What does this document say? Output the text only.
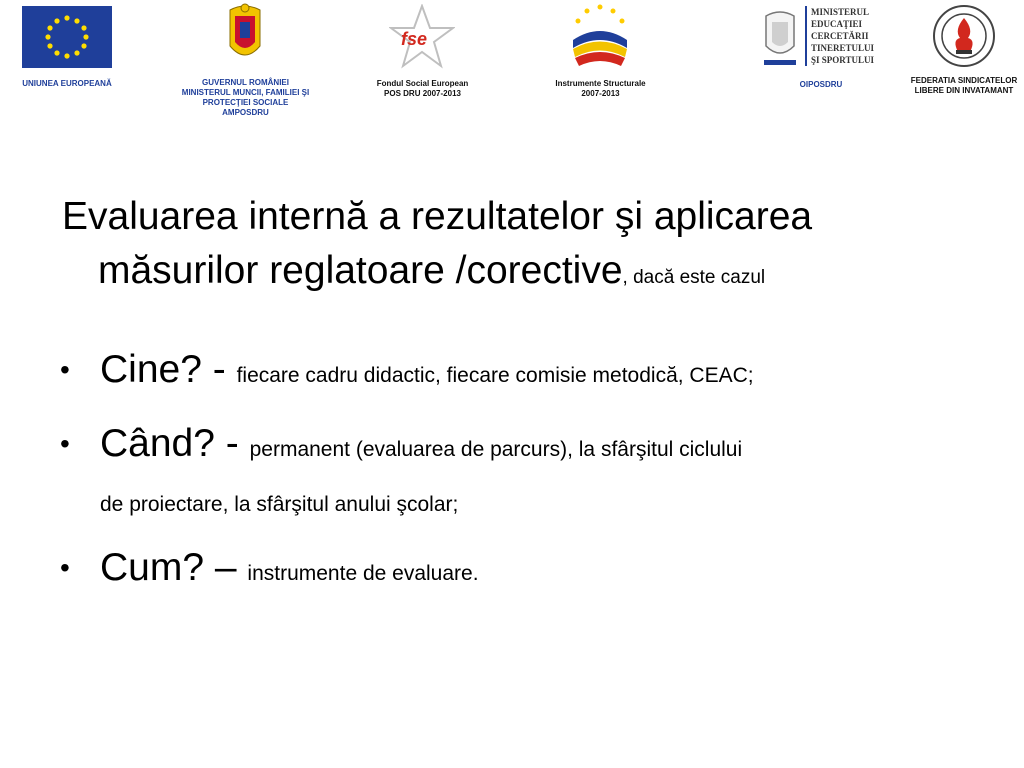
UNIUNEA EUROPEANĂ	GUVERNUL ROMÂNIEI
MINISTERUL MUNCII, FAMILIEI ŞI
PROTECŢIEI SOCIALE
AMPOSDRU
fse
Fondul Social European
POS DRU 2007-2013
Instrumente Structurale
2007-2013
MINISTERUL
EDUCAŢIEI
CERCETĂRII
TINERETULUI
ŞI SPORTULUI
OIPOSDRU	FEDERATIA SINDICATELOR
LIBERE DIN INVATAMANT
Evaluarea internă a rezultatelor şi aplicarea
măsurilor reglatoare /corective, dacă este cazul
• Cine? - fiecare cadru didactic, fiecare comisie metodică, CEAC;
• Când? - permanent (evaluarea de parcurs), la sfârşitul ciclului
de proiectare, la sfârşitul anului şcolar;
• Cum? – instrumente de evaluare.
